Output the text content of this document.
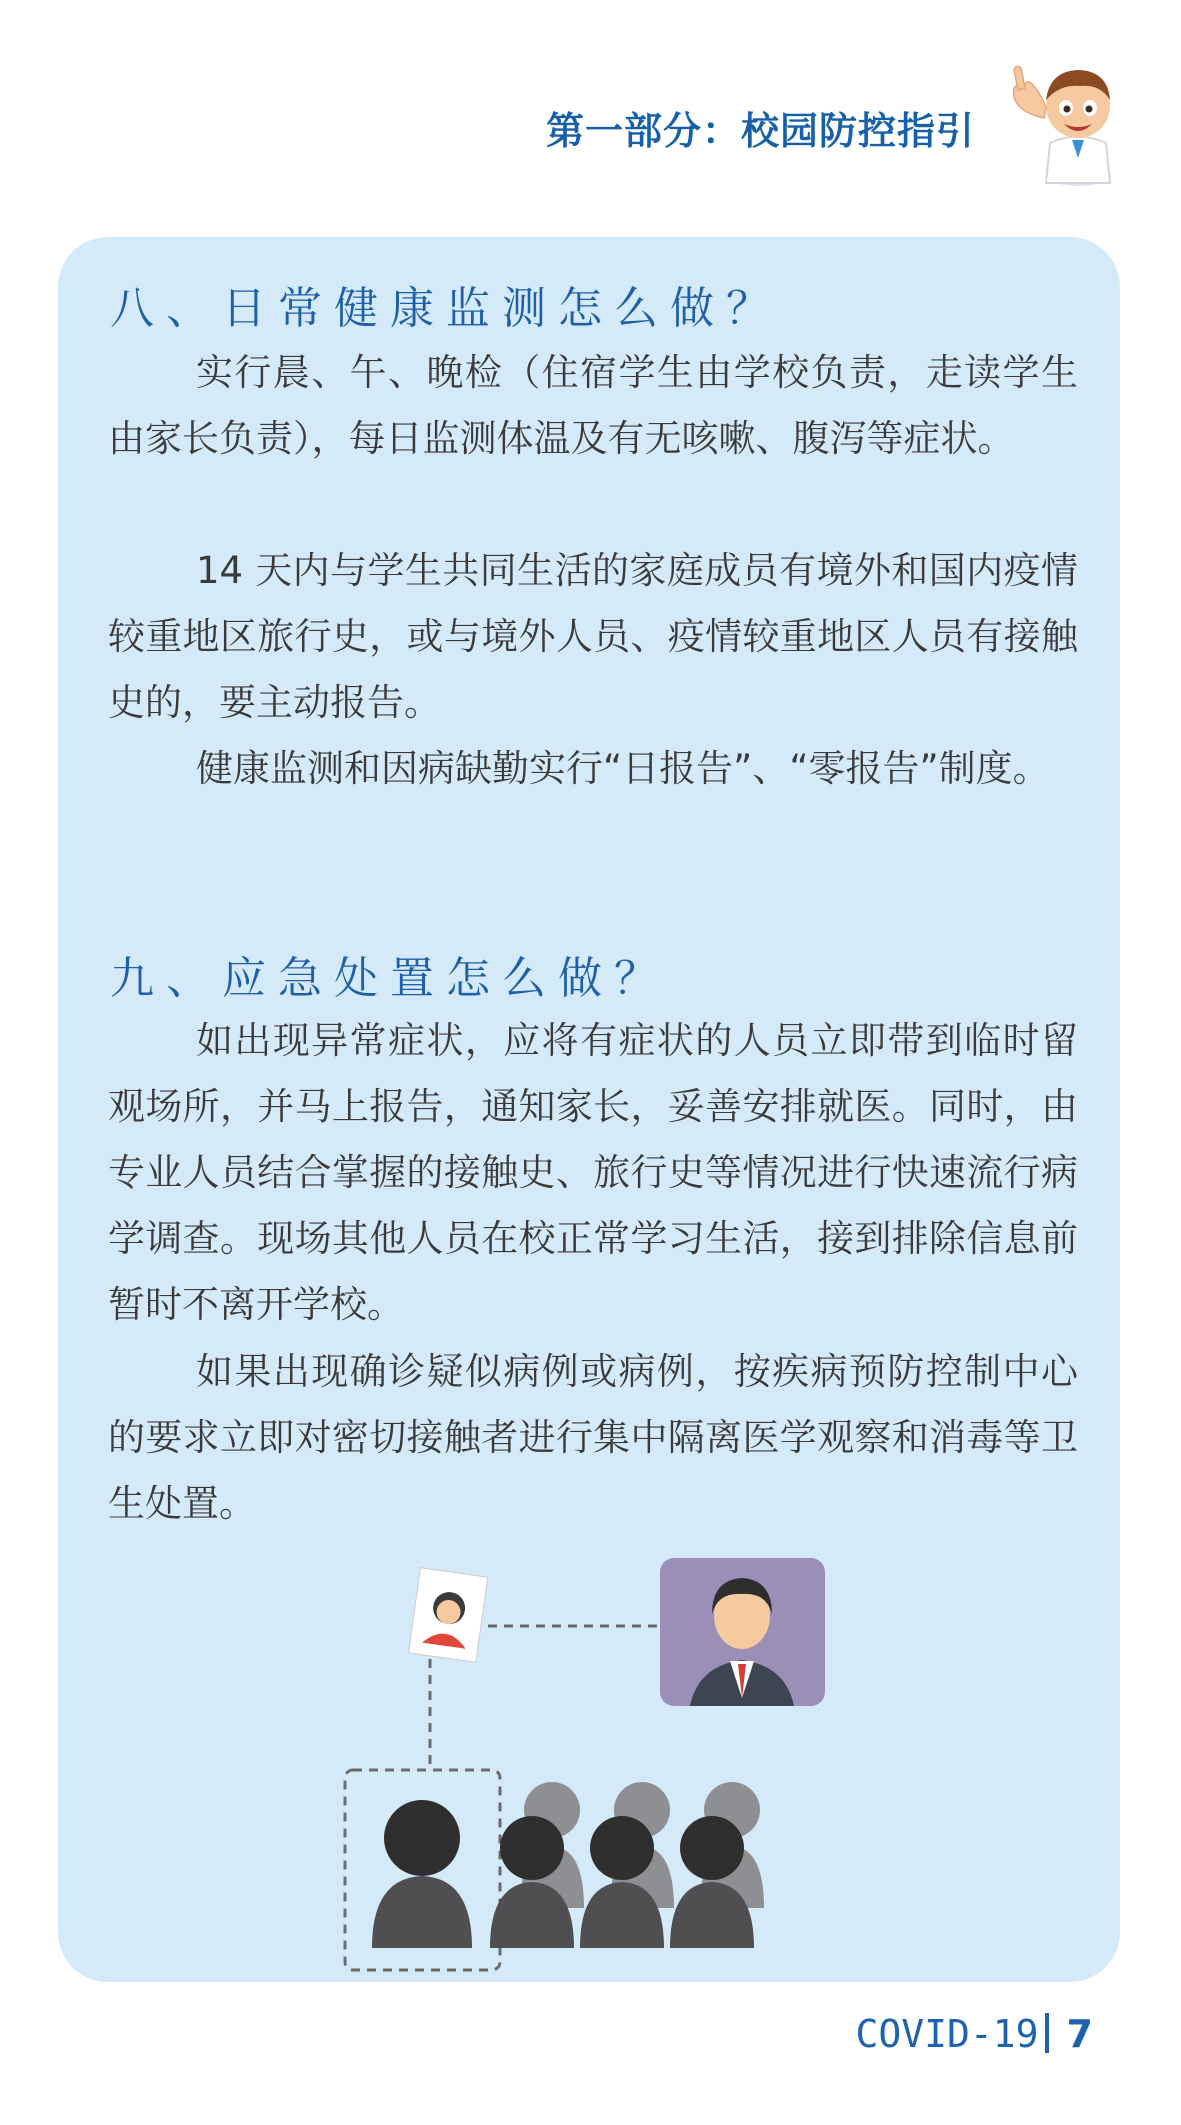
第一部分：校园防控指引
八、日常健康监测怎么做？

实行晨、午、晚检（住宿学生由学校负责，走读学生由家长负责），每日监测体温及有无咳嗽、腹泻等症状。

14 天内与学生共同生活的家庭成员有境外和国内疫情较重地区旅行史，或与境外人员、疫情较重地区人员有接触史的，要主动报告。

健康监测和因病缺勤实行“日报告”、“零报告”制度。

九、应急处置怎么做？

如出现异常症状，应将有症状的人员立即带到临时留观场所，并马上报告，通知家长，妥善安排就医。同时，由专业人员结合掌握的接触史、旅行史等情况进行快速流行病学调查。现场其他人员在校正常学习生活，接到排除信息前暂时不离开学校。

如果出现确诊疑似病例或病例，按疾病预防控制中心的要求立即对密切接触者进行集中隔离医学观察和消毒等卫生处置。

COVID-19 7
